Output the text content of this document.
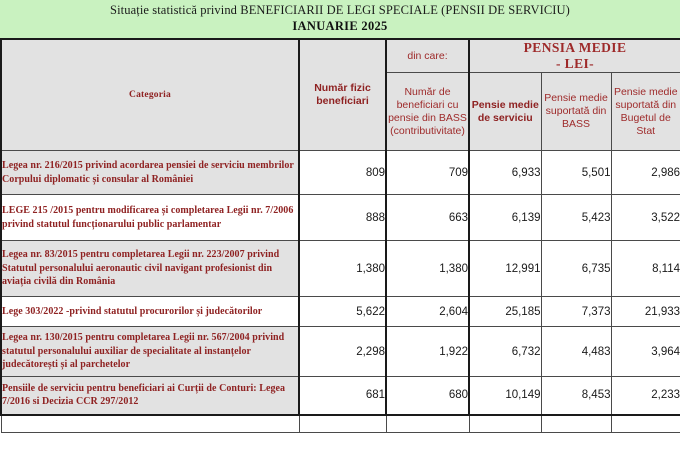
Situație statistică privind BENEFICIARII DE LEGI SPECIALE (PENSII DE SERVICIU)
IANUARIE 2025
Categoria	Număr fizic beneficiari	din care:	PENSIA MEDIE
- LEI-		

		Număr de beneficiari cu pensie din BASS (contributivitate)	Pensie medie de serviciu	Pensie medie suportată din BASS	Pensie medie suportată din Bugetul de Stat
Legea nr. 216/2015 privind acordarea pensiei de serviciu membrilor Corpului diplomatic și consular al României	809	709	6,933	5,501	2,986
LEGE 215 /2015 pentru modificarea și completarea Legii nr. 7/2006 privind statutul funcționarului public parlamentar	888	663	6,139	5,423	3,522
Legea nr. 83/2015 pentru completarea Legii nr. 223/2007 privind Statutul personalului aeronautic civil navigant profesionist din aviația civilă din România	1,380	1,380	12,991	6,735	8,114
Lege 303/2022 -privind statutul procurorilor și judecătorilor	5,622	2,604	25,185	7,373	21,933
Legea nr. 130/2015 pentru completarea Legii nr. 567/2004 privind statutul personalului auxiliar de specialitate al instanțelor judecătorești și al parchetelor	2,298	1,922	6,732	4,483	3,964
Pensiile de serviciu pentru beneficiari ai Curții de Conturi: Legea 7/2016 si Decizia CCR 297/2012	681	680	10,149	8,453	2,233
